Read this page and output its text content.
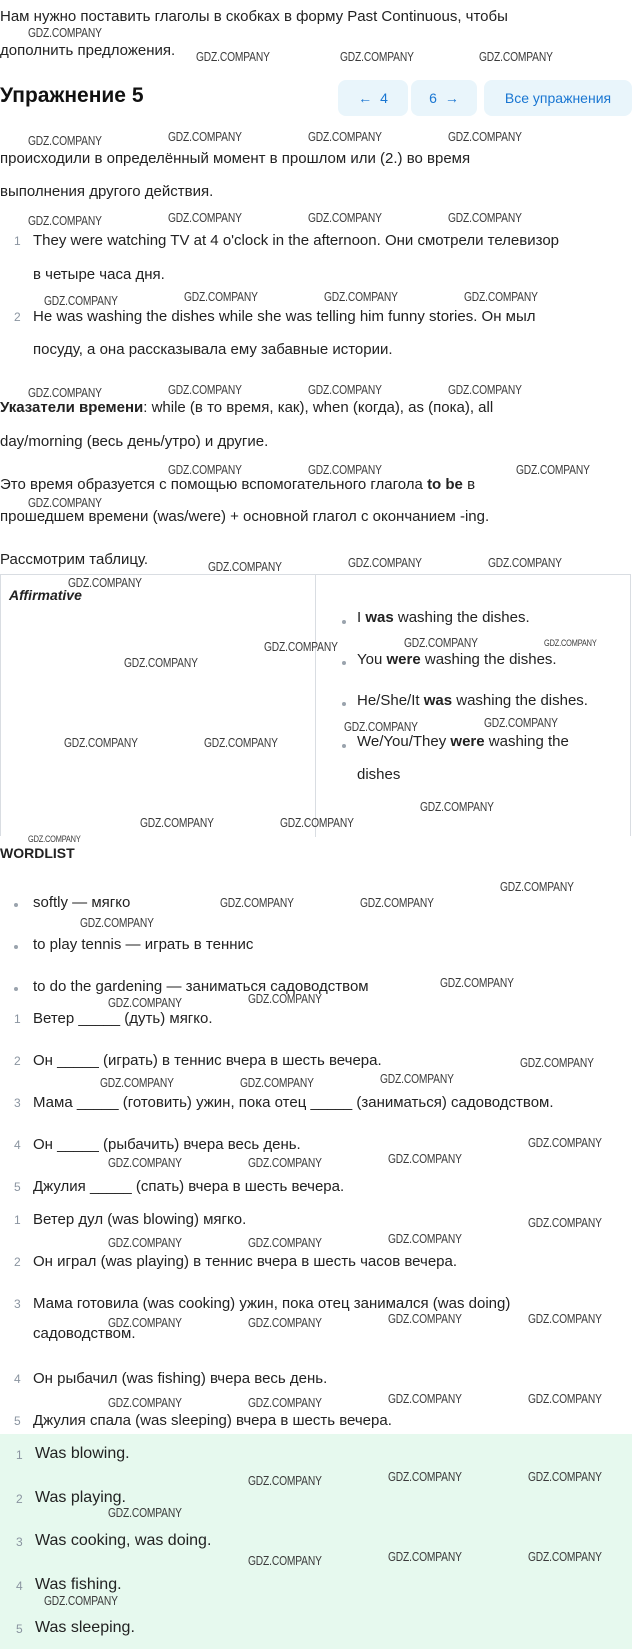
Нам нужно поставить глаголы в скобках в форму Past Continuous, чтобы
дополнить предложения.
Упражнение 5	← 4	6 →	Все упражнения
происходили в определённый момент в прошлом или (2.) во время
выполнения другого действия.
1 They were watching TV at 4 o'clock in the afternoon. Они смотрели телевизор
в четыре часа дня.
2 He was washing the dishes while she was telling him funny stories. Он мыл
посуду, а она рассказывала ему забавные истории.
Указатели времени: while (в то время, как), when (когда), as (пока), all
day/morning (весь день/утро) и другие.
Это время образуется с помощью вспомогательного глагола to be в
прошедшем времени (was/were) + основной глагол с окончанием -ing.
Рассмотрим таблицу.
Affirmative
I was washing the dishes.
You were washing the dishes.
He/She/It was washing the dishes.
We/You/They were washing the
dishes
WORDLIST
softly — мягко
to play tennis — играть в теннис
to do the gardening — заниматься садоводством
1 Ветер _____ (дуть) мягко.
2 Он _____ (играть) в теннис вчера в шесть вечера.
3 Мама _____ (готовить) ужин, пока отец _____ (заниматься) садоводством.
4 Он _____ (рыбачить) вчера весь день.
5 Джулия _____ (спать) вчера в шесть вечера.
1 Ветер дул (was blowing) мягко.
2 Он играл (was playing) в теннис вчера в шесть часов вечера.
3 Мама готовила (was cooking) ужин, пока отец занимался (was doing)
садоводством.
4 Он рыбачил (was fishing) вчера весь день.
5 Джулия спала (was sleeping) вчера в шесть вечера.
1 Was blowing.
2 Was playing.
3 Was cooking, was doing.
4 Was fishing.
5 Was sleeping.
GDZ.COMPANY
GDZ.COMPANY	GDZ.COMPANY	GDZ.COMPANY
GDZ.COMPANY	GDZ.COMPANY	GDZ.COMPANY	GDZ.COMPANY
GDZ.COMPANY	GDZ.COMPANY	GDZ.COMPANY	GDZ.COMPANY
GDZ.COMPANY	GDZ.COMPANY	GDZ.COMPANY	GDZ.COMPANY
GDZ.COMPANY	GDZ.COMPANY	GDZ.COMPANY	GDZ.COMPANY
GDZ.COMPANY	GDZ.COMPANY	GDZ.COMPANY
GDZ.COMPANY
GDZ.COMPANY	GDZ.COMPANY	GDZ.COMPANY
GDZ.COMPANY
GDZ.COMPANY	GDZ.COMPANY	GDZ.COMPANY
GDZ.COMPANY
GDZ.COMPANY	GDZ.COMPANY
GDZ.COMPANY	GDZ.COMPANY
GDZ.COMPANY
GDZ.COMPANY	GDZ.COMPANY
GDZ.COMPANY
GDZ.COMPANY
GDZ.COMPANY	GDZ.COMPANY
GDZ.COMPANY
GDZ.COMPANY
GDZ.COMPANY	GDZ.COMPANY
GDZ.COMPANY
GDZ.COMPANY	GDZ.COMPANY	GDZ.COMPANY
GDZ.COMPANY
GDZ.COMPANY	GDZ.COMPANY	GDZ.COMPANY
GDZ.COMPANY
GDZ.COMPANY	GDZ.COMPANY	GDZ.COMPANY
GDZ.COMPANY	GDZ.COMPANY	GDZ.COMPANY	GDZ.COMPANY
GDZ.COMPANY	GDZ.COMPANY	GDZ.COMPANY	GDZ.COMPANY
GDZ.COMPANY	GDZ.COMPANY	GDZ.COMPANY
GDZ.COMPANY
GDZ.COMPANY	GDZ.COMPANY	GDZ.COMPANY
GDZ.COMPANY
